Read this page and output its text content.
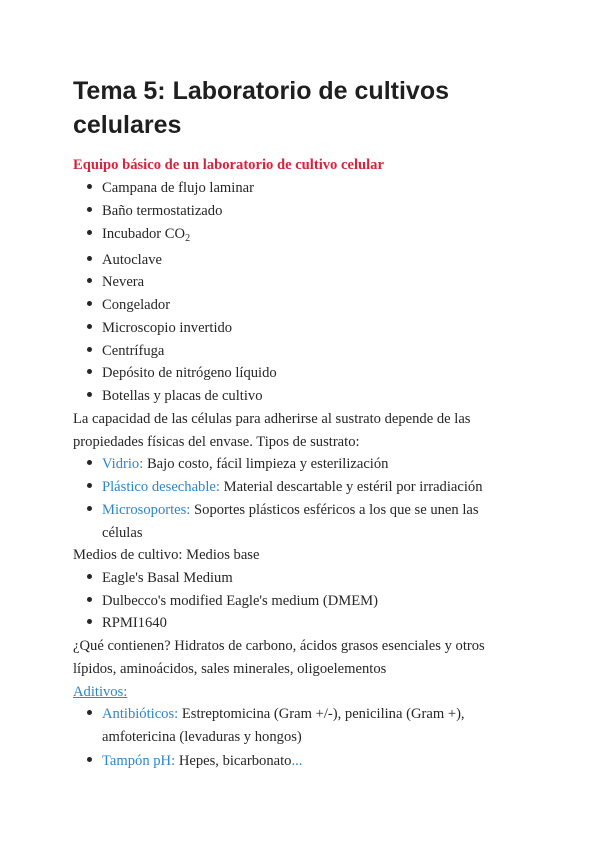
Tema 5: Laboratorio de cultivos celulares
Equipo básico de un laboratorio de cultivo celular
Campana de flujo laminar
Baño termostatizado
Incubador $CO_2$
Autoclave
Nevera
Congelador
Microscopio invertido
Centrífuga
Depósito de nitrógeno líquido
Botellas y placas de cultivo
La capacidad de las células para adherirse al sustrato depende de las
propiedades físicas del envase. Tipos de sustrato:
Vidrio: Bajo costo, fácil limpieza y esterilización
Plástico desechable: Material descartable y estéril por irradiación
Microsoportes: Soportes plásticos esféricos a los que se unen las
células
Medios de cultivo: Medios base
Eagle's Basal Medium
Dulbecco's modified Eagle's medium (DMEM)
RPMI1640
¿Qué contienen? Hidratos de carbono, ácidos grasos esenciales y otros
lípidos, aminoácidos, sales minerales, oligoelementos
Aditivos:
Antibióticos: Estreptomicina (Gram +/-), penicilina (Gram +),
amfotericina (levaduras y hongos)
Tampón pH: Hepes, bicarbonato...
